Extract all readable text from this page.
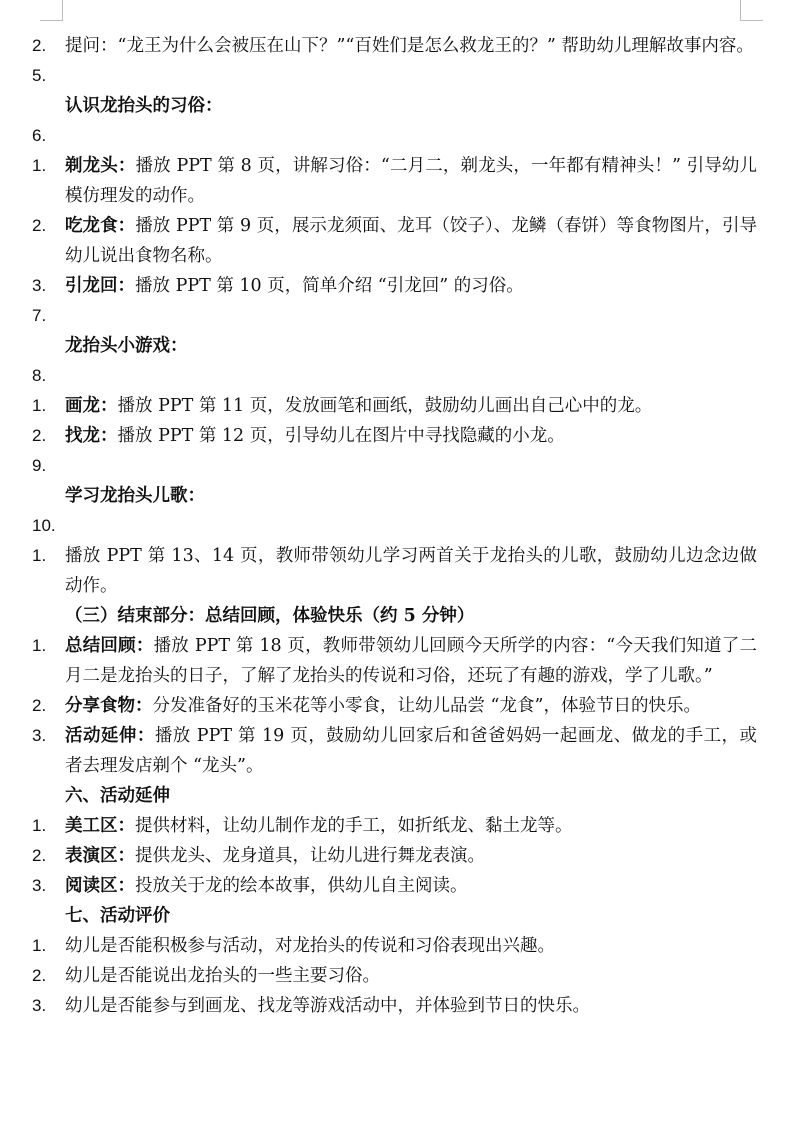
2.	提问：“龙王为什么会被压在山下？”“百姓们是怎么救龙王的？” 帮助幼儿理解故事内容。
5.
认识龙抬头的习俗：
6.
1.	剃龙头：播放 PPT 第 8 页，讲解习俗：“二月二，剃龙头，一年都有精神头！” 引导幼儿模仿理发的动作。
2.	吃龙食：播放 PPT 第 9 页，展示龙须面、龙耳（饺子）、龙鳞（春饼）等食物图片，引导幼儿说出食物名称。
3.	引龙回：播放 PPT 第 10 页，简单介绍 “引龙回” 的习俗。
7.
龙抬头小游戏：
8.
1.	画龙：播放 PPT 第 11 页，发放画笔和画纸，鼓励幼儿画出自己心中的龙。
2.	找龙：播放 PPT 第 12 页，引导幼儿在图片中寻找隐藏的小龙。
9.
学习龙抬头儿歌：
10.
1.	播放 PPT 第 13、14 页，教师带领幼儿学习两首关于龙抬头的儿歌，鼓励幼儿边念边做动作。
（三）结束部分：总结回顾，体验快乐（约 5 分钟）
1.	总结回顾：播放 PPT 第 18 页，教师带领幼儿回顾今天所学的内容：“今天我们知道了二月二是龙抬头的日子，了解了龙抬头的传说和习俗，还玩了有趣的游戏，学了儿歌。”
2.	分享食物：分发准备好的玉米花等小零食，让幼儿品尝 “龙食”，体验节日的快乐。
3.	活动延伸：播放 PPT 第 19 页，鼓励幼儿回家后和爸爸妈妈一起画龙、做龙的手工，或者去理发店剃个 “龙头”。
六、活动延伸
1.	美工区：提供材料，让幼儿制作龙的手工，如折纸龙、黏土龙等。
2.	表演区：提供龙头、龙身道具，让幼儿进行舞龙表演。
3.	阅读区：投放关于龙的绘本故事，供幼儿自主阅读。
七、活动评价
1.	幼儿是否能积极参与活动，对龙抬头的传说和习俗表现出兴趣。
2.	幼儿是否能说出龙抬头的一些主要习俗。
3.	幼儿是否能参与到画龙、找龙等游戏活动中，并体验到节日的快乐。
